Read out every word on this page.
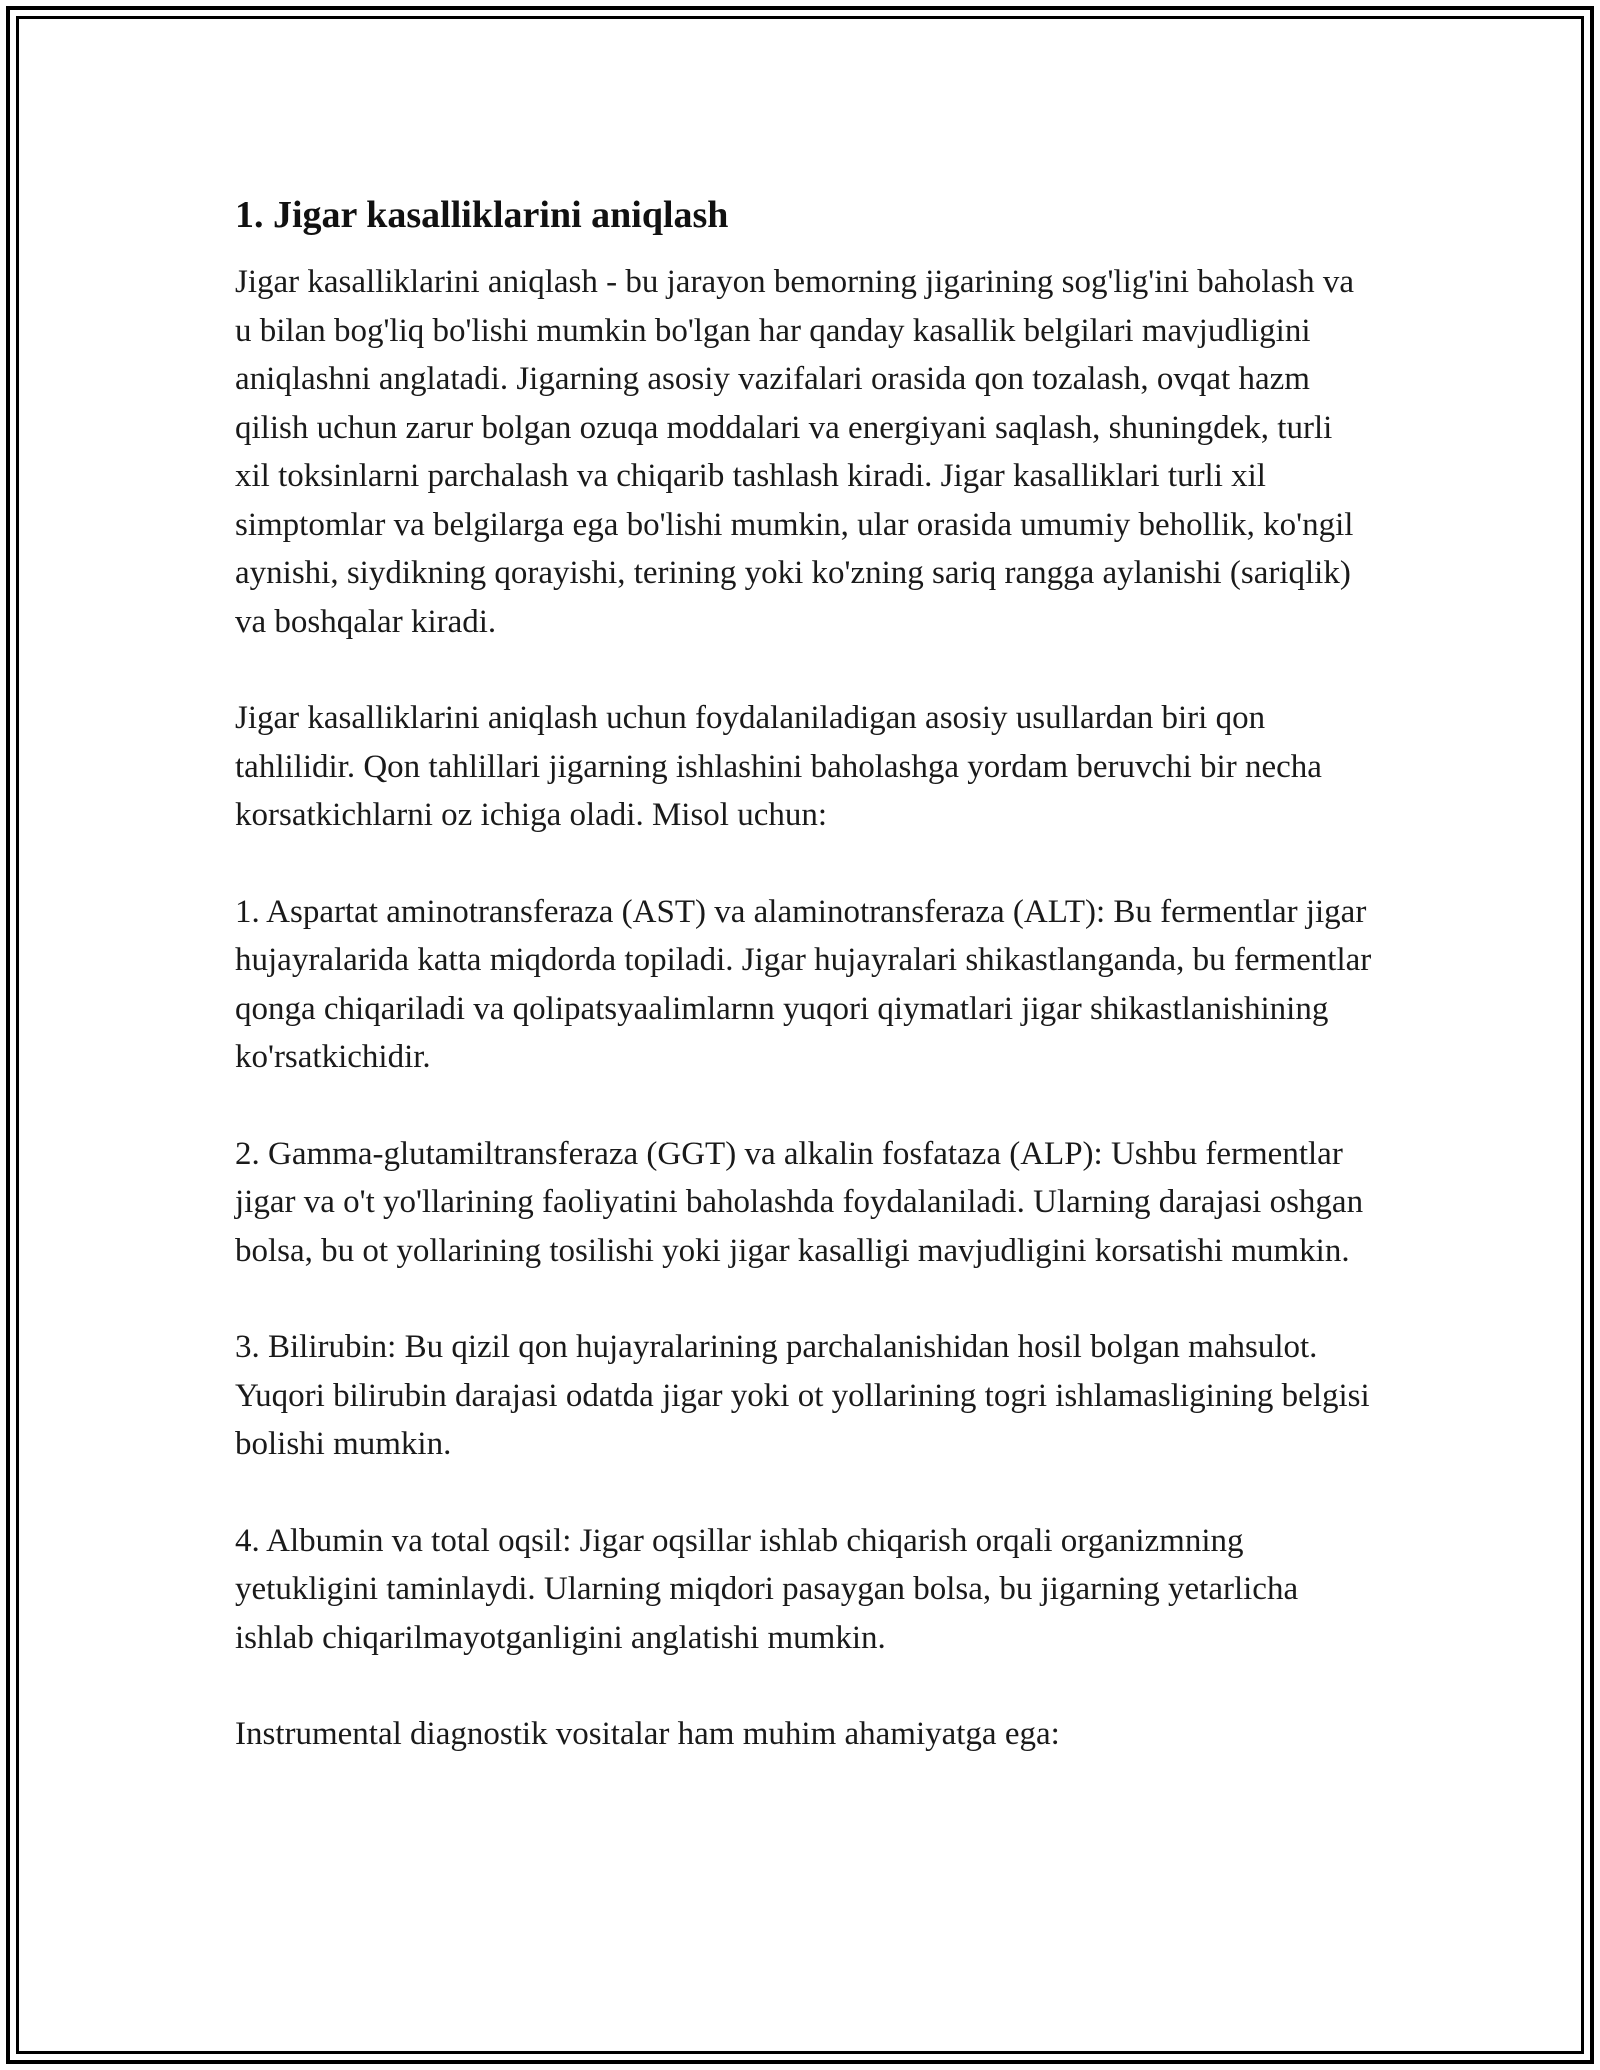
1. Jigar kasalliklarini aniqlash

Jigar kasalliklarini aniqlash - bu jarayon bemorning jigarining sog'lig'ini baholash va u bilan bog'liq bo'lishi mumkin bo'lgan har qanday kasallik belgilari mavjudligini aniqlashni anglatadi. Jigarning asosiy vazifalari orasida qon tozalash, ovqat hazm qilish uchun zarur bolgan ozuqa moddalari va energiyani saqlash, shuningdek, turli xil toksinlarni parchalash va chiqarib tashlash kiradi. Jigar kasalliklari turli xil simptomlar va belgilarga ega bo'lishi mumkin, ular orasida umumiy behollik, ko'ngil aynishi, siydikning qorayishi, terining yoki ko'zning sariq rangga aylanishi (sariqlik) va boshqalar kiradi.

Jigar kasalliklarini aniqlash uchun foydalaniladigan asosiy usullardan biri qon tahlilidir. Qon tahlillari jigarning ishlashini baholashga yordam beruvchi bir necha korsatkichlarni oz ichiga oladi. Misol uchun:

1. Aspartat aminotransferaza (AST) va alaminotransferaza (ALT): Bu fermentlar jigar hujayralarida katta miqdorda topiladi. Jigar hujayralari shikastlanganda, bu fermentlar qonga chiqariladi va qolipatsyaalimlarnn yuqori qiymatlari jigar shikastlanishining ko'rsatkichidir.

2. Gamma-glutamiltransferaza (GGT) va alkalin fosfataza (ALP): Ushbu fermentlar jigar va o't yo'llarining faoliyatini baholashda foydalaniladi. Ularning darajasi oshgan bolsa, bu ot yollarining tosilishi yoki jigar kasalligi mavjudligini korsatishi mumkin.

3. Bilirubin: Bu qizil qon hujayralarining parchalanishidan hosil bolgan mahsulot. Yuqori bilirubin darajasi odatda jigar yoki ot yollarining togri ishlamasligining belgisi bolishi mumkin.

4. Albumin va total oqsil: Jigar oqsillar ishlab chiqarish orqali organizmning yetukligini taminlaydi. Ularning miqdori pasaygan bolsa, bu jigarning yetarlicha ishlab chiqarilmayotganligini anglatishi mumkin.

Instrumental diagnostik vositalar ham muhim ahamiyatga ega:
